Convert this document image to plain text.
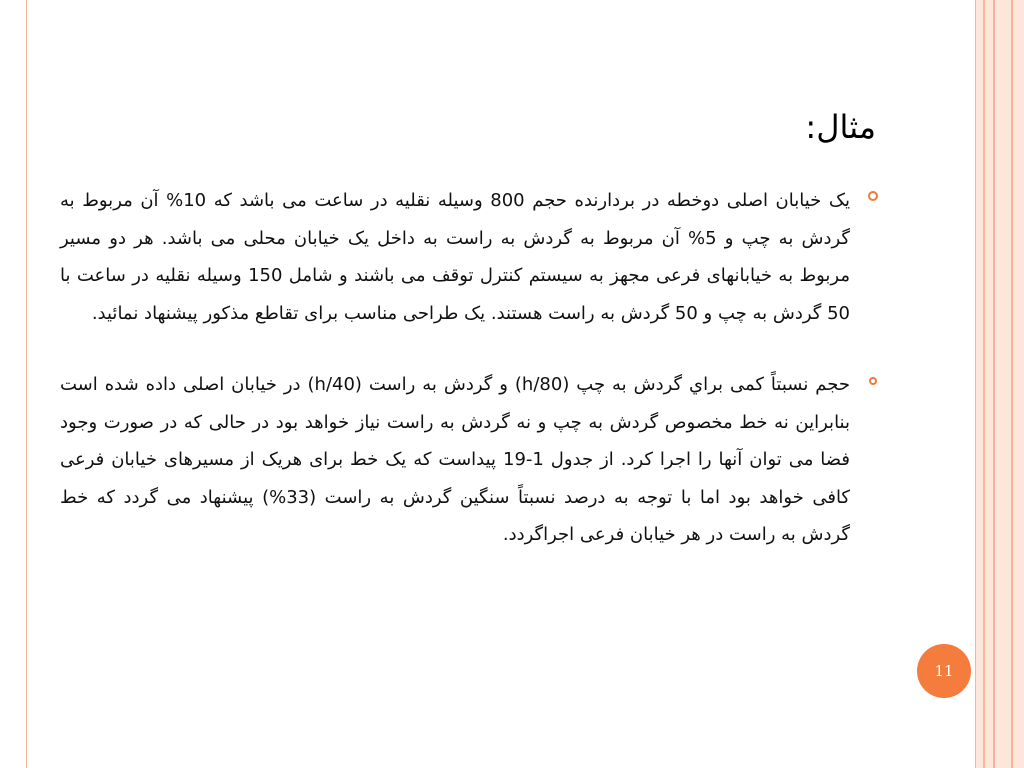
مثال:

یک خیابان اصلی دوخطه در بردارنده حجم 800 وسیله نقلیه در ساعت می باشد که 10% آن مربوط به گردش به چپ و 5% آن مربوط به گردش به راست به داخل یک خیابان محلی می باشد. هر دو مسیر مربوط به خیابانهای فرعی مجهز به سیستم کنترل توقف می باشند و شامل 150 وسیله نقلیه در ساعت با 50 گردش به چپ و 50 گردش به راست هستند. یک طراحی مناسب برای تقاطع مذکور پیشنهاد نمائید.

حجم نسبتاً کمی براي گردش به چپ (80/h) و گردش به راست (40/h) در خیابان اصلی داده شده است بنابراین نه خط مخصوص گردش به چپ و نه گردش به راست نیاز خواهد بود در حالی که در صورت وجود فضا می توان آنها را اجرا کرد. از جدول 1-19 پیداست که یک خط برای هریک از مسیرهای خیابان فرعی کافی خواهد بود اما با توجه به درصد نسبتاً سنگین گردش به راست (33%) پیشنهاد می گردد که خط گردش به راست در هر خیابان فرعی اجراگردد.

11
